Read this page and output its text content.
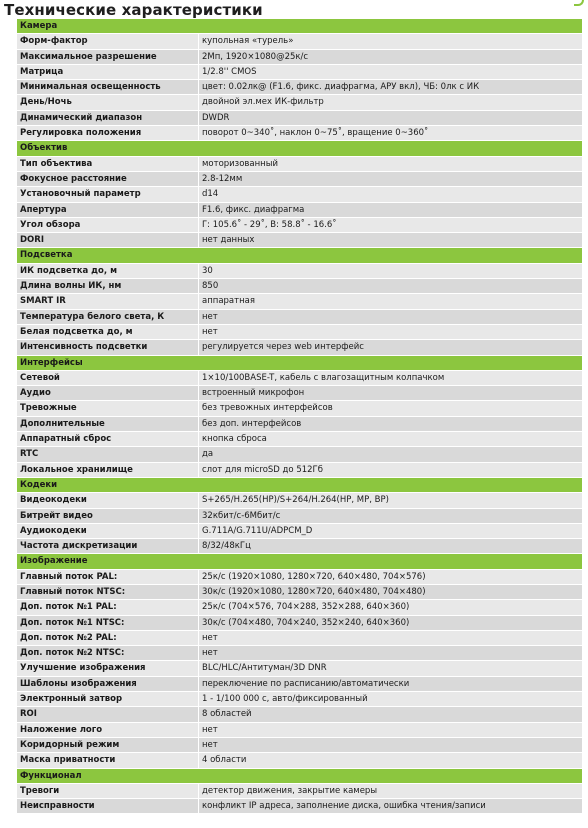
Технические характеристики
Камера
Форм-фактор	купольная «турель»
Максимальное разрешение	2Мп, 1920×1080@25к/с
Матрица	1/2.8'' CMOS
Минимальная освещенность	цвет: 0.02лк@ (F1.6, фикс. диафрагма, АРУ вкл), ЧБ: 0лк с ИК
День/Ночь	двойной эл.мех ИК-фильтр
Динамический диапазон	DWDR
Регулировка положения	поворот 0~340˚, наклон 0~75˚, вращение 0~360˚
Объектив
Тип объектива	моторизованный
Фокусное расстояние	2.8-12мм
Установочный параметр	d14
Апертура	F1.6, фикс. диафрагма
Угол обзора	Г: 105.6˚ - 29˚, В: 58.8˚ - 16.6˚
DORI	нет данных
Подсветка
ИК подсветка до, м	30
Длина волны ИК, нм	850
SMART IR	аппаратная
Температура белого света, К	нет
Белая подсветка до, м	нет
Интенсивность подсветки	регулируется через web интерфейс
Интерфейсы
Сетевой	1×10/100BASE-T, кабель с влагозащитным колпачком
Аудио	встроенный микрофон
Тревожные	без тревожных интерфейсов
Дополнительные	без доп. интерфейсов
Аппаратный сброс	кнопка сброса
RTC	да
Локальное хранилище	слот для microSD до 512Гб
Кодеки
Видеокодеки	S+265/H.265(HP)/S+264/H.264(HP, MP, BP)
Битрейт видео	32кбит/с-6Мбит/с
Аудиокодеки	G.711A/G.711U/ADPCM_D
Частота дискретизации	8/32/48кГц
Изображение
Главный поток PAL:	25к/с (1920×1080, 1280×720, 640×480, 704×576)
Главный поток NTSC:	30к/с (1920×1080, 1280×720, 640×480, 704×480)
Доп. поток №1 PAL:	25к/с (704×576, 704×288, 352×288, 640×360)
Доп. поток №1 NTSC:	30к/с (704×480, 704×240, 352×240, 640×360)
Доп. поток №2 PAL:	нет
Доп. поток №2 NTSC:	нет
Улучшение изображения	BLC/HLC/Антитуман/3D DNR
Шаблоны изображения	переключение по расписанию/автоматически
Электронный затвор	1 - 1/100 000 с, авто/фиксированный
ROI	8 областей
Наложение лого	нет
Коридорный режим	нет
Маска приватности	4 области
Функционал
Тревоги	детектор движения, закрытие камеры
Неисправности	конфликт IP адреса, заполнение диска, ошибка чтения/записи
